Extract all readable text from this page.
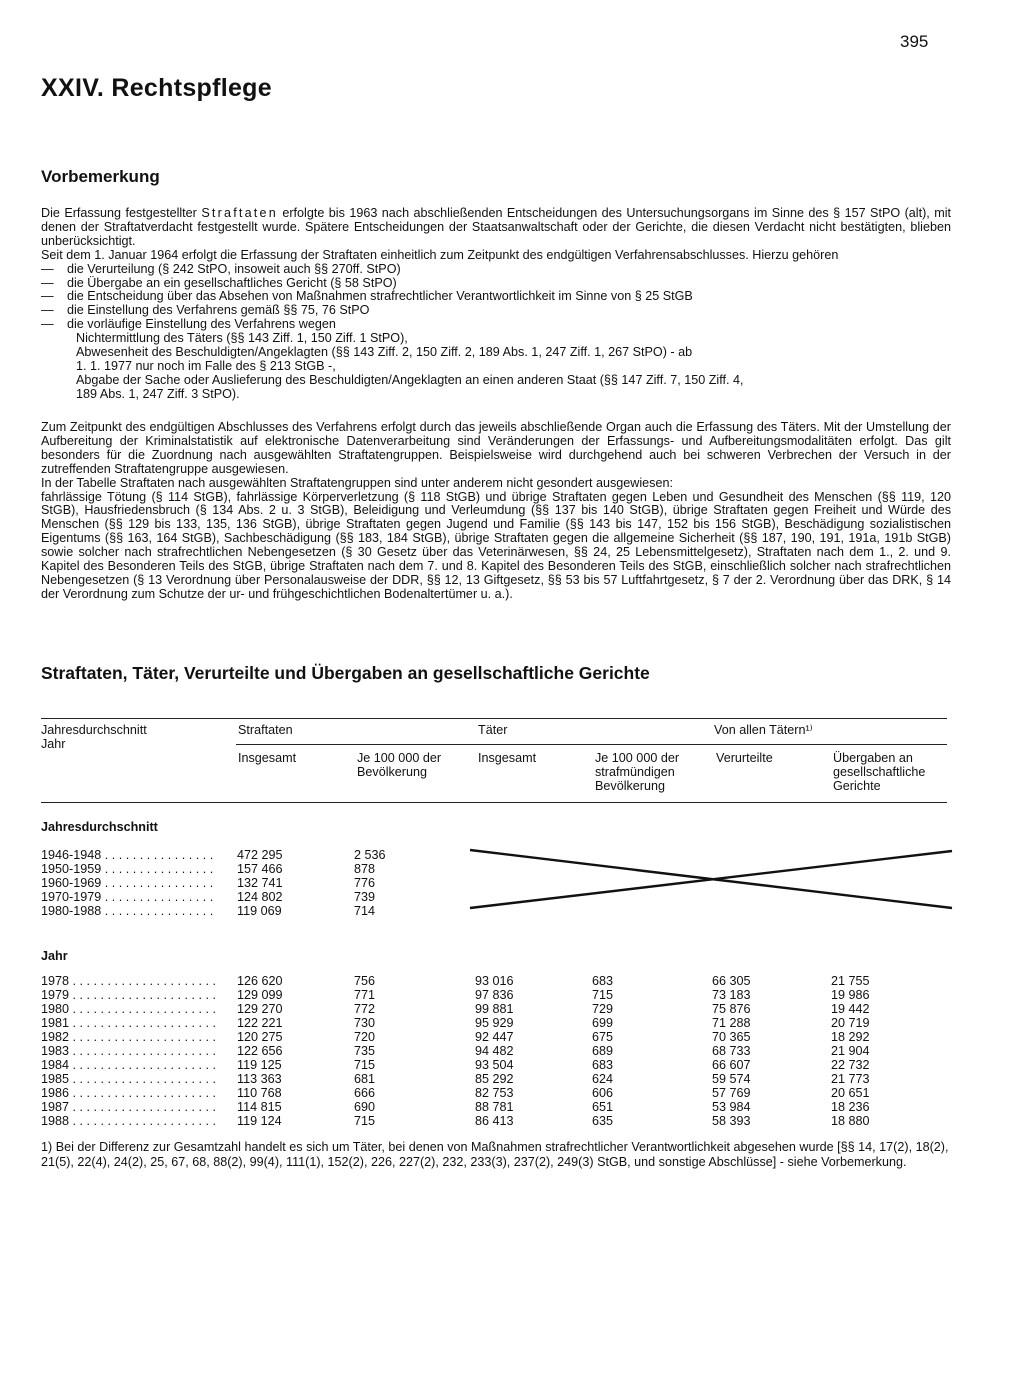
395
XXIV. Rechtspflege
Vorbemerkung

Die Erfassung festgestellter Straftaten erfolgte bis 1963 nach abschließenden Entscheidungen des Untersuchungsorgans im Sinne des § 157 StPO (alt), mit denen der Straftatverdacht festgestellt wurde. Spätere Entscheidungen der Staatsanwaltschaft oder der Gerichte, die diesen Verdacht nicht bestätigten, blieben unberücksichtigt.

Seit dem 1. Januar 1964 erfolgt die Erfassung der Straftaten einheitlich zum Zeitpunkt des endgültigen Verfahrensabschlusses. Hierzu gehören

—	die Verurteilung (§ 242 StPO, insoweit auch §§ 270ff. StPO)
—	die Übergabe an ein gesellschaftliches Gericht (§ 58 StPO)
—	die Entscheidung über das Absehen von Maßnahmen strafrechtlicher Verantwortlichkeit im Sinne von § 25 StGB
—	die Einstellung des Verfahrens gemäß §§ 75, 76 StPO
—	die vorläufige Einstellung des Verfahrens wegen
Nichtermittlung des Täters (§§ 143 Ziff. 1, 150 Ziff. 1 StPO),
Abwesenheit des Beschuldigten/Angeklagten (§§ 143 Ziff. 2, 150 Ziff. 2, 189 Abs. 1, 247 Ziff. 1, 267 StPO) - ab
1. 1. 1977 nur noch im Falle des § 213 StGB -,
Abgabe der Sache oder Auslieferung des Beschuldigten/Angeklagten an einen anderen Staat (§§ 147 Ziff. 7, 150 Ziff. 4,
189 Abs. 1, 247 Ziff. 3 StPO).

Zum Zeitpunkt des endgültigen Abschlusses des Verfahrens erfolgt durch das jeweils abschließende Organ auch die Erfassung des Täters. Mit der Umstellung der Aufbereitung der Kriminalstatistik auf elektronische Datenverarbeitung sind Veränderungen der Erfassungs- und Aufbereitungsmodalitäten erfolgt. Das gilt besonders für die Zuordnung nach ausgewählten Straftatengruppen. Beispielsweise wird durchgehend auch bei schweren Verbrechen der Versuch in der zutreffenden Straftatengruppe ausgewiesen.

In der Tabelle Straftaten nach ausgewählten Straftatengruppen sind unter anderem nicht gesondert ausgewiesen:

fahrlässige Tötung (§ 114 StGB), fahrlässige Körperverletzung (§ 118 StGB) und übrige Straftaten gegen Leben und Gesundheit des Menschen (§§ 119, 120 StGB), Hausfriedensbruch (§ 134 Abs. 2 u. 3 StGB), Beleidigung und Verleumdung (§§ 137 bis 140 StGB), übrige Straftaten gegen Freiheit und Würde des Menschen (§§ 129 bis 133, 135, 136 StGB), übrige Straftaten gegen Jugend und Familie (§§ 143 bis 147, 152 bis 156 StGB), Beschädigung sozialistischen Eigentums (§§ 163, 164 StGB), Sachbeschädigung (§§ 183, 184 StGB), übrige Straftaten gegen die allgemeine Sicherheit (§§ 187, 190, 191, 191a, 191b StGB) sowie solcher nach strafrechtlichen Nebengesetzen (§ 30 Gesetz über das Veterinärwesen, §§ 24, 25 Lebensmittelgesetz), Straftaten nach dem 1., 2. und 9. Kapitel des Besonderen Teils des StGB, übrige Straftaten nach dem 7. und 8. Kapitel des Besonderen Teils des StGB, einschließlich solcher nach strafrechtlichen Nebengesetzen (§ 13 Verordnung über Personalausweise der DDR, §§ 12, 13 Giftgesetz, §§ 53 bis 57 Luftfahrtgesetz, § 7 der 2. Verordnung über das DRK, § 14 der Verordnung zum Schutze der ur- und frühgeschichtlichen Bodenaltertümer u. a.).

Straftaten, Täter, Verurteilte und Übergaben an gesellschaftliche Gerichte
Jahresdurchschnitt
Jahr
Straftaten	Täter	Von allen Tätern¹⁾
Insgesamt	Je 100 000 der Bevölkerung
Insgesamt	Je 100 000 der strafmündigen Bevölkerung
Verurteilte	Übergaben an gesellschaftliche Gerichte
Jahresdurchschnitt
1946-1948 . . .	472 295	2 536
1950-1959 . . .	157 466	878
1960-1969 . . .	132 741	776
1970-1979 . . .	124 802	739
1980-1988 . . .	119 069	714
Jahr
1978 . . .	126 620	756	93 016	683	66 305	21 755
1979 . . .	129 099	771	97 836	715	73 183	19 986
1980 . . .	129 270	772	99 881	729	75 876	19 442
1981 . . .	122 221	730	95 929	699	71 288	20 719
1982 . . .	120 275	720	92 447	675	70 365	18 292
1983 . . .	122 656	735	94 482	689	68 733	21 904
1984 . . .	119 125	715	93 504	683	66 607	22 732
1985 . . .	113 363	681	85 292	624	59 574	21 773
1986 . . .	110 768	666	82 753	606	57 769	20 651
1987 . . .	114 815	690	88 781	651	53 984	18 236
1988 . . .	119 124	715	86 413	635	58 393	18 880
1) Bei der Differenz zur Gesamtzahl handelt es sich um Täter, bei denen von Maßnahmen strafrechtlicher Verantwortlichkeit abgesehen wurde [§§ 14, 17(2), 18(2), 21(5), 22(4), 24(2), 25, 67, 68, 88(2), 99(4), 111(1), 152(2), 226, 227(2), 232, 233(3), 237(2), 249(3) StGB, und sonstige Abschlüsse] - siehe Vorbemerkung.
